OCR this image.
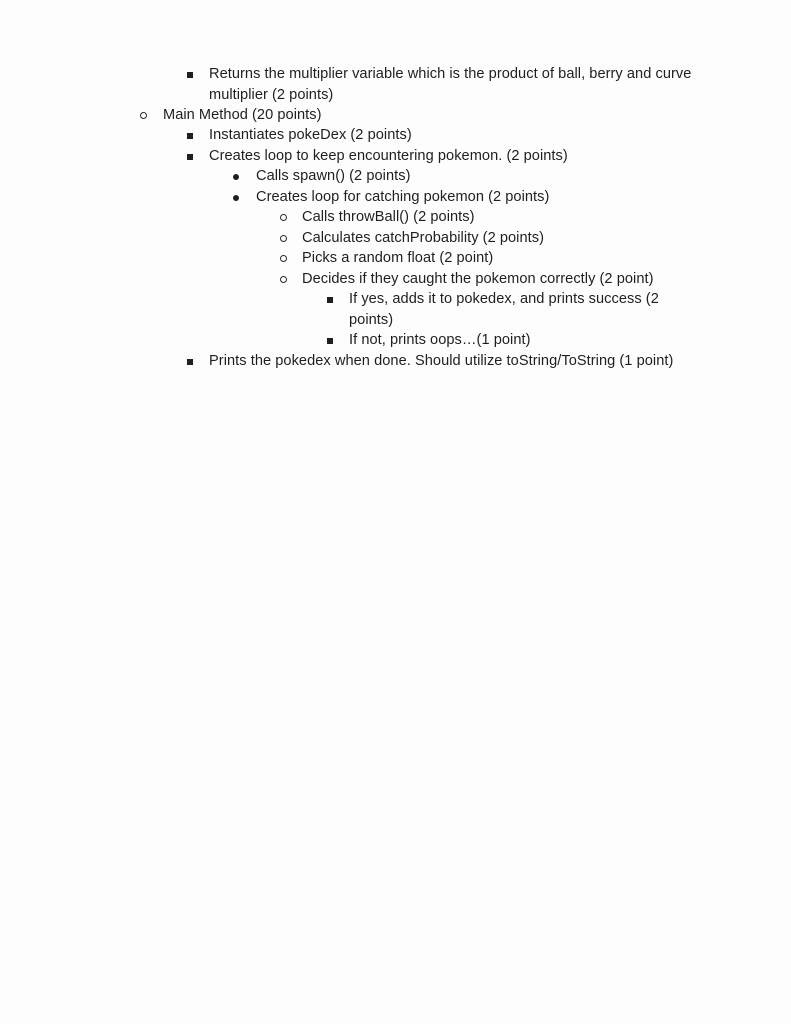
Returns the multiplier variable which is the product of ball, berry and curve
multiplier (2 points)
Main Method (20 points)
Instantiates pokeDex (2 points)
Creates loop to keep encountering pokemon. (2 points)
Calls spawn() (2 points)
Creates loop for catching pokemon (2 points)
Calls throwBall() (2 points)
Calculates catchProbability (2 points)
Picks a random float (2 point)
Decides if they caught the pokemon correctly (2 point)
If yes, adds it to pokedex, and prints success (2
points)
If not, prints oops…(1 point)
Prints the pokedex when done. Should utilize toString/ToString (1 point)
